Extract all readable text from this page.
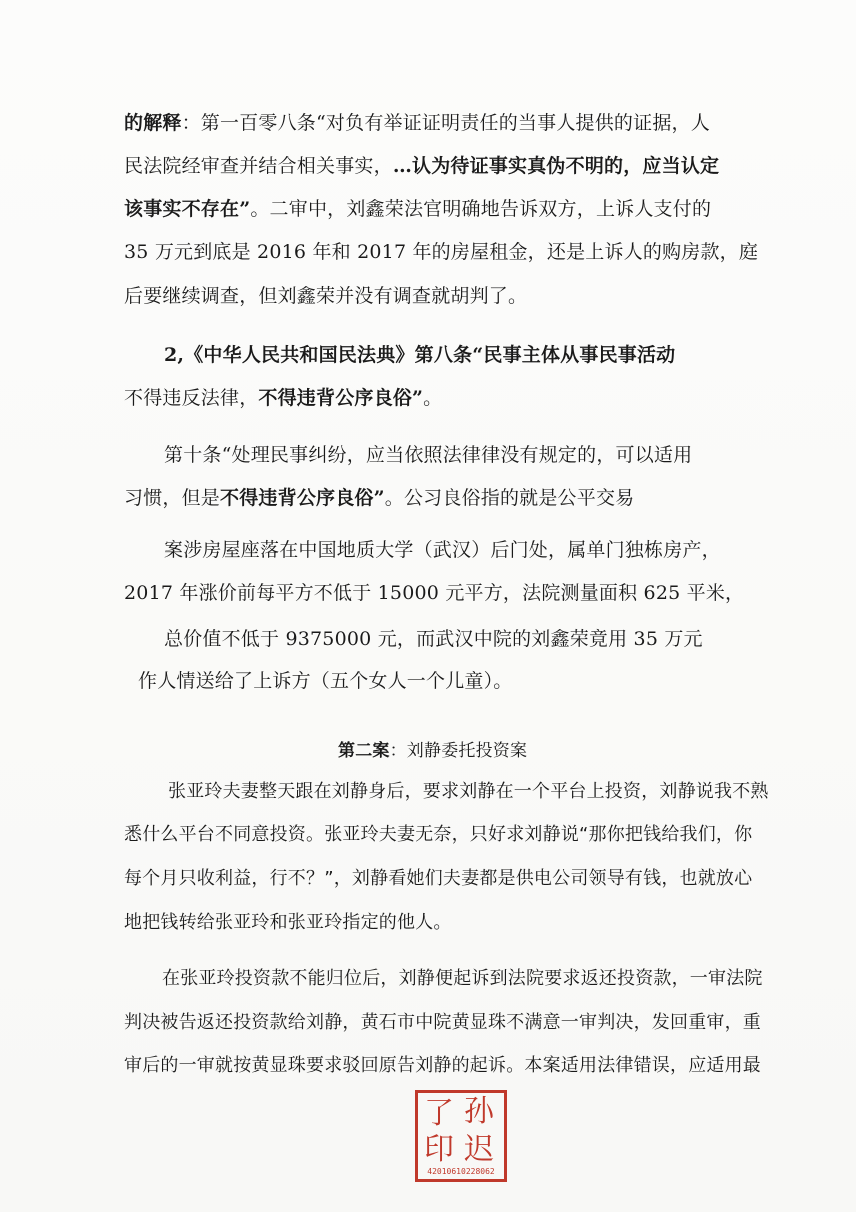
的解释：第一百零八条“对负有举证证明责任的当事人提供的证据，人
民法院经审查并结合相关事实，…认为待证事实真伪不明的，应当认定
该事实不存在”。二审中，刘鑫荣法官明确地告诉双方，上诉人支付的
35 万元到底是 2016 年和 2017 年的房屋租金，还是上诉人的购房款，庭
后要继续调查，但刘鑫荣并没有调查就胡判了。
2,《中华人民共和国民法典》第八条“民事主体从事民事活动
不得违反法律，不得违背公序良俗”。
第十条“处理民事纠纷，应当依照法律律没有规定的，可以适用
习惯，但是不得违背公序良俗”。公习良俗指的就是公平交易
案涉房屋座落在中国地质大学（武汉）后门处，属单门独栋房产，
2017 年涨价前每平方不低于 15000 元平方，法院测量面积 625 平米，
总价值不低于 9375000 元，而武汉中院的刘鑫荣竟用 35 万元
作人情送给了上诉方（五个女人一个儿童）。
第二案：刘静委托投资案
张亚玲夫妻整天跟在刘静身后，要求刘静在一个平台上投资，刘静说我不熟
悉什么平台不同意投资。张亚玲夫妻无奈，只好求刘静说“那你把钱给我们，你
每个月只收利益，行不？”，刘静看她们夫妻都是供电公司领导有钱，也就放心
地把钱转给张亚玲和张亚玲指定的他人。
在张亚玲投资款不能归位后，刘静便起诉到法院要求返还投资款，一审法院
判决被告返还投资款给刘静，黄石市中院黄显珠不满意一审判决，发回重审，重
审后的一审就按黄显珠要求驳回原告刘静的起诉。本案适用法律错误，应适用最
了 孙
印 迟
42010610228062
